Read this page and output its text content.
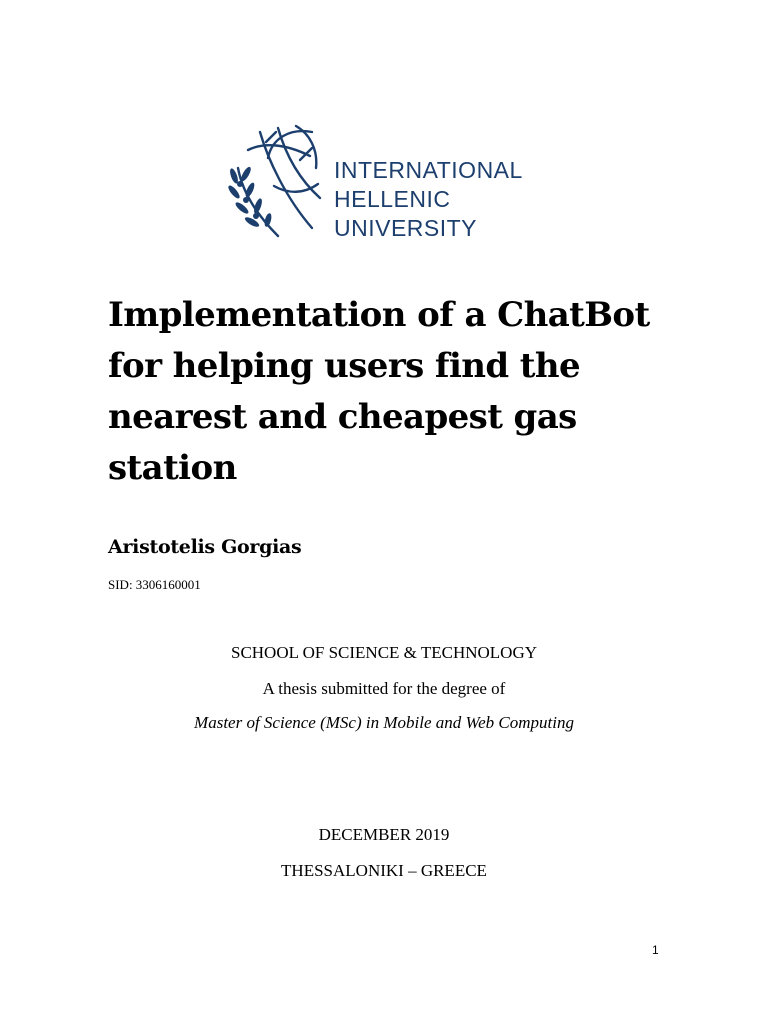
INTERNATIONAL
HELLENIC
UNIVERSITY
Implementation of a ChatBot for helping users find the nearest and cheapest gas station
Aristotelis Gorgias
SID: 3306160001
SCHOOL OF SCIENCE & TECHNOLOGY
A thesis submitted for the degree of
Master of Science (MSc) in Mobile and Web Computing
DECEMBER 2019
THESSALONIKI – GREECE
1
